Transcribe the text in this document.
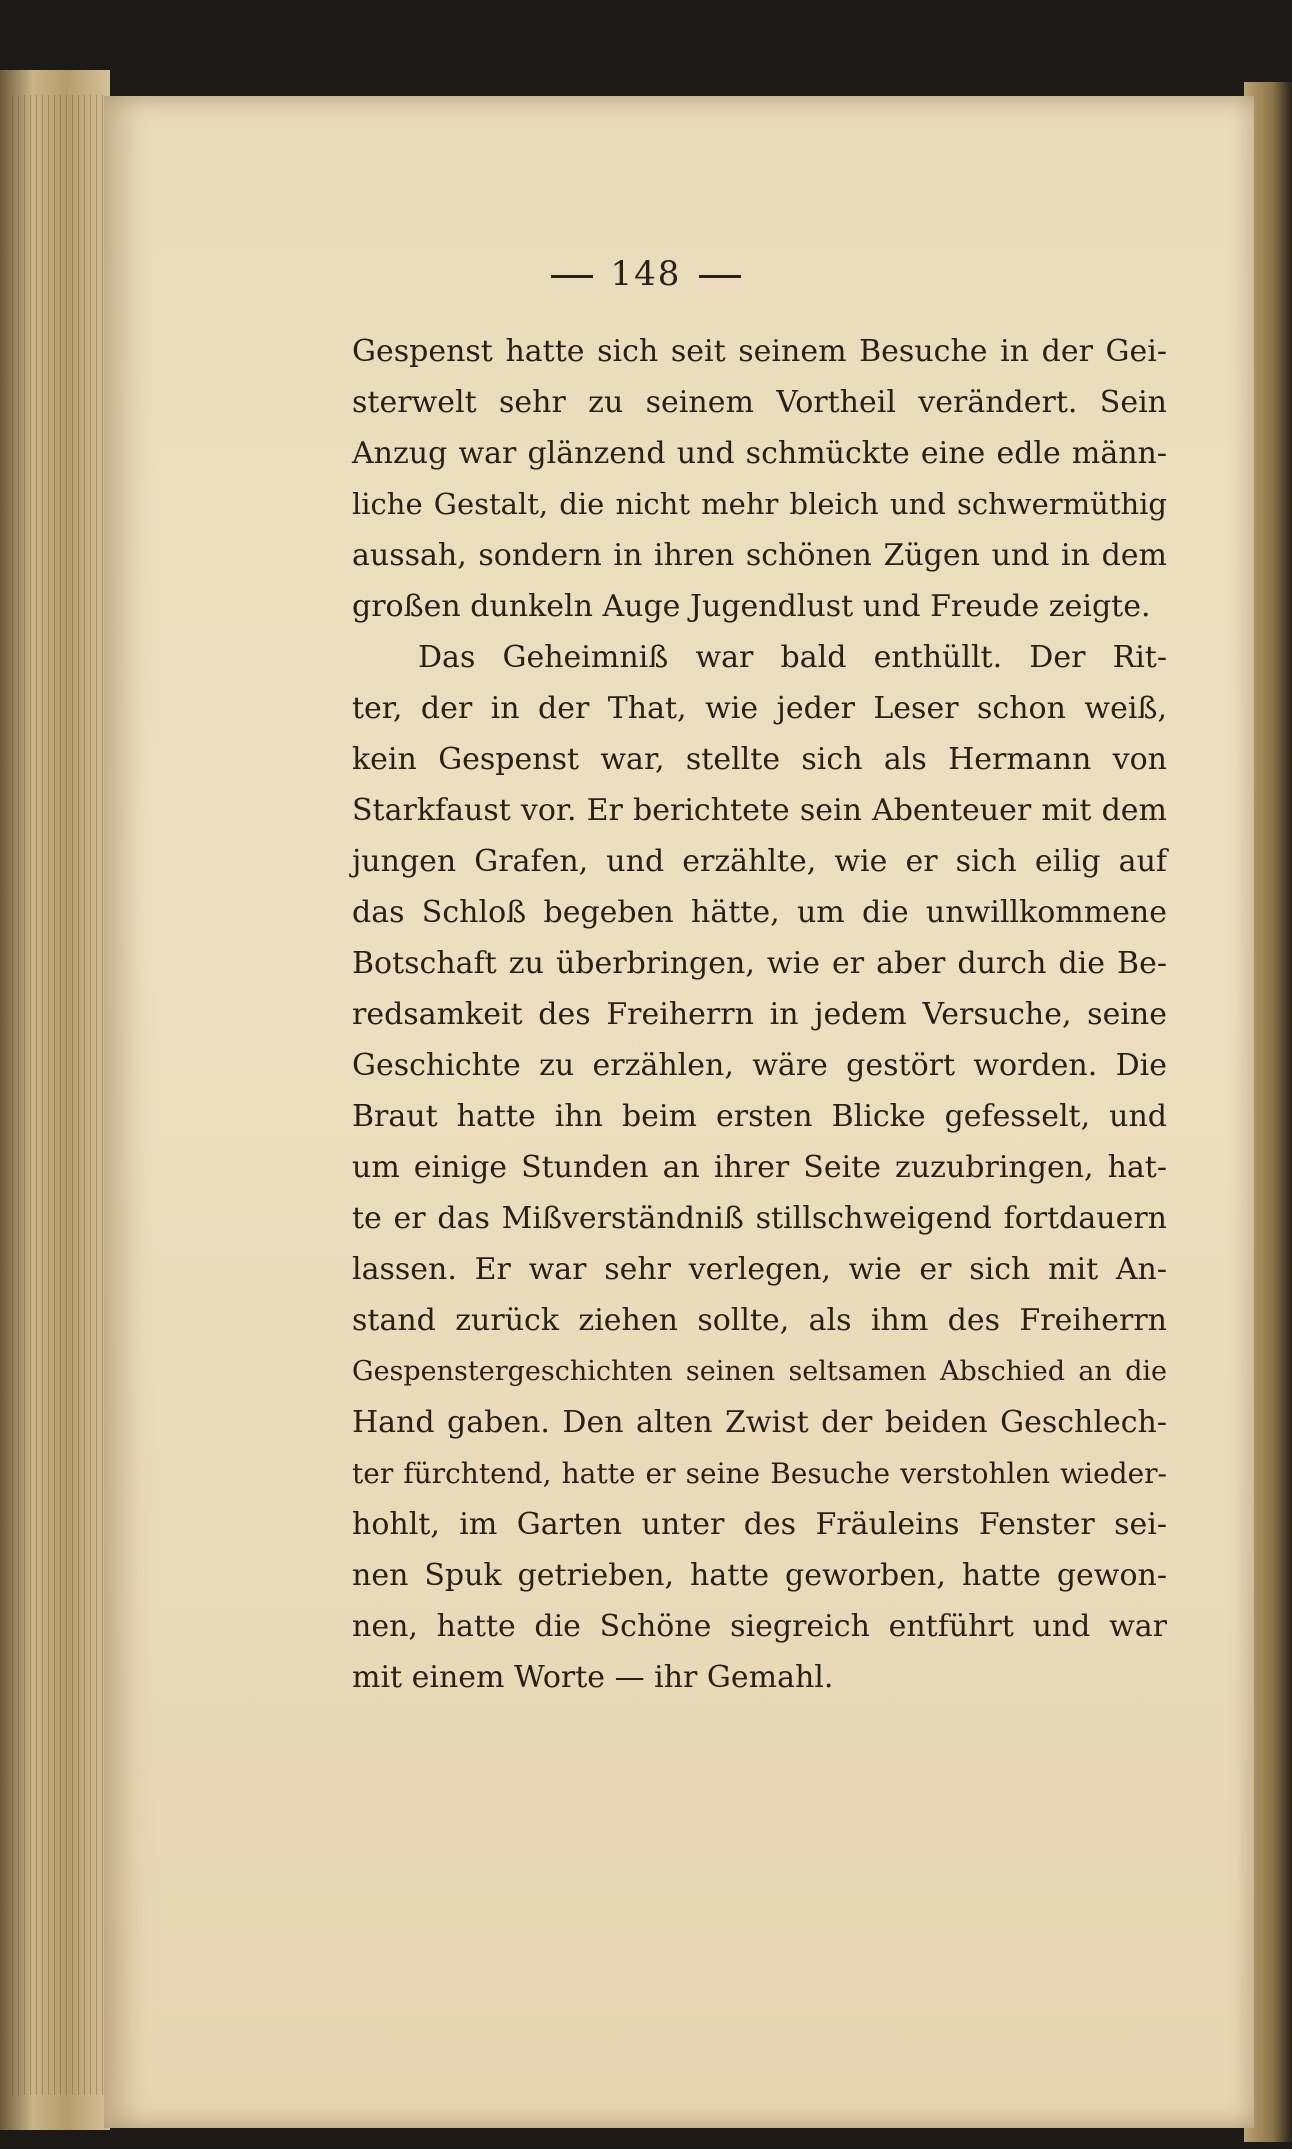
148
Gespenst hatte sich seit seinem Besuche in der Gei-
sterwelt sehr zu seinem Vortheil verändert. Sein
Anzug war glänzend und schmückte eine edle männ-
liche Gestalt, die nicht mehr bleich und schwermüthig
aussah, sondern in ihren schönen Zügen und in dem
großen dunkeln Auge Jugendlust und Freude zeigte.
Das Geheimniß war bald enthüllt. Der Rit-
ter, der in der That, wie jeder Leser schon weiß,
kein Gespenst war, stellte sich als Hermann von
Starkfaust vor. Er berichtete sein Abenteuer mit dem
jungen Grafen, und erzählte, wie er sich eilig auf
das Schloß begeben hätte, um die unwillkommene
Botschaft zu überbringen, wie er aber durch die Be-
redsamkeit des Freiherrn in jedem Versuche, seine
Geschichte zu erzählen, wäre gestört worden. Die
Braut hatte ihn beim ersten Blicke gefesselt, und
um einige Stunden an ihrer Seite zuzubringen, hat-
te er das Mißverständniß stillschweigend fortdauern
lassen. Er war sehr verlegen, wie er sich mit An-
stand zurück ziehen sollte, als ihm des Freiherrn
Gespenstergeschichten seinen seltsamen Abschied an die
Hand gaben. Den alten Zwist der beiden Geschlech-
ter fürchtend, hatte er seine Besuche verstohlen wieder-
hohlt, im Garten unter des Fräuleins Fenster sei-
nen Spuk getrieben, hatte geworben, hatte gewon-
nen, hatte die Schöne siegreich entführt und war
mit einem Worte — ihr Gemahl.
